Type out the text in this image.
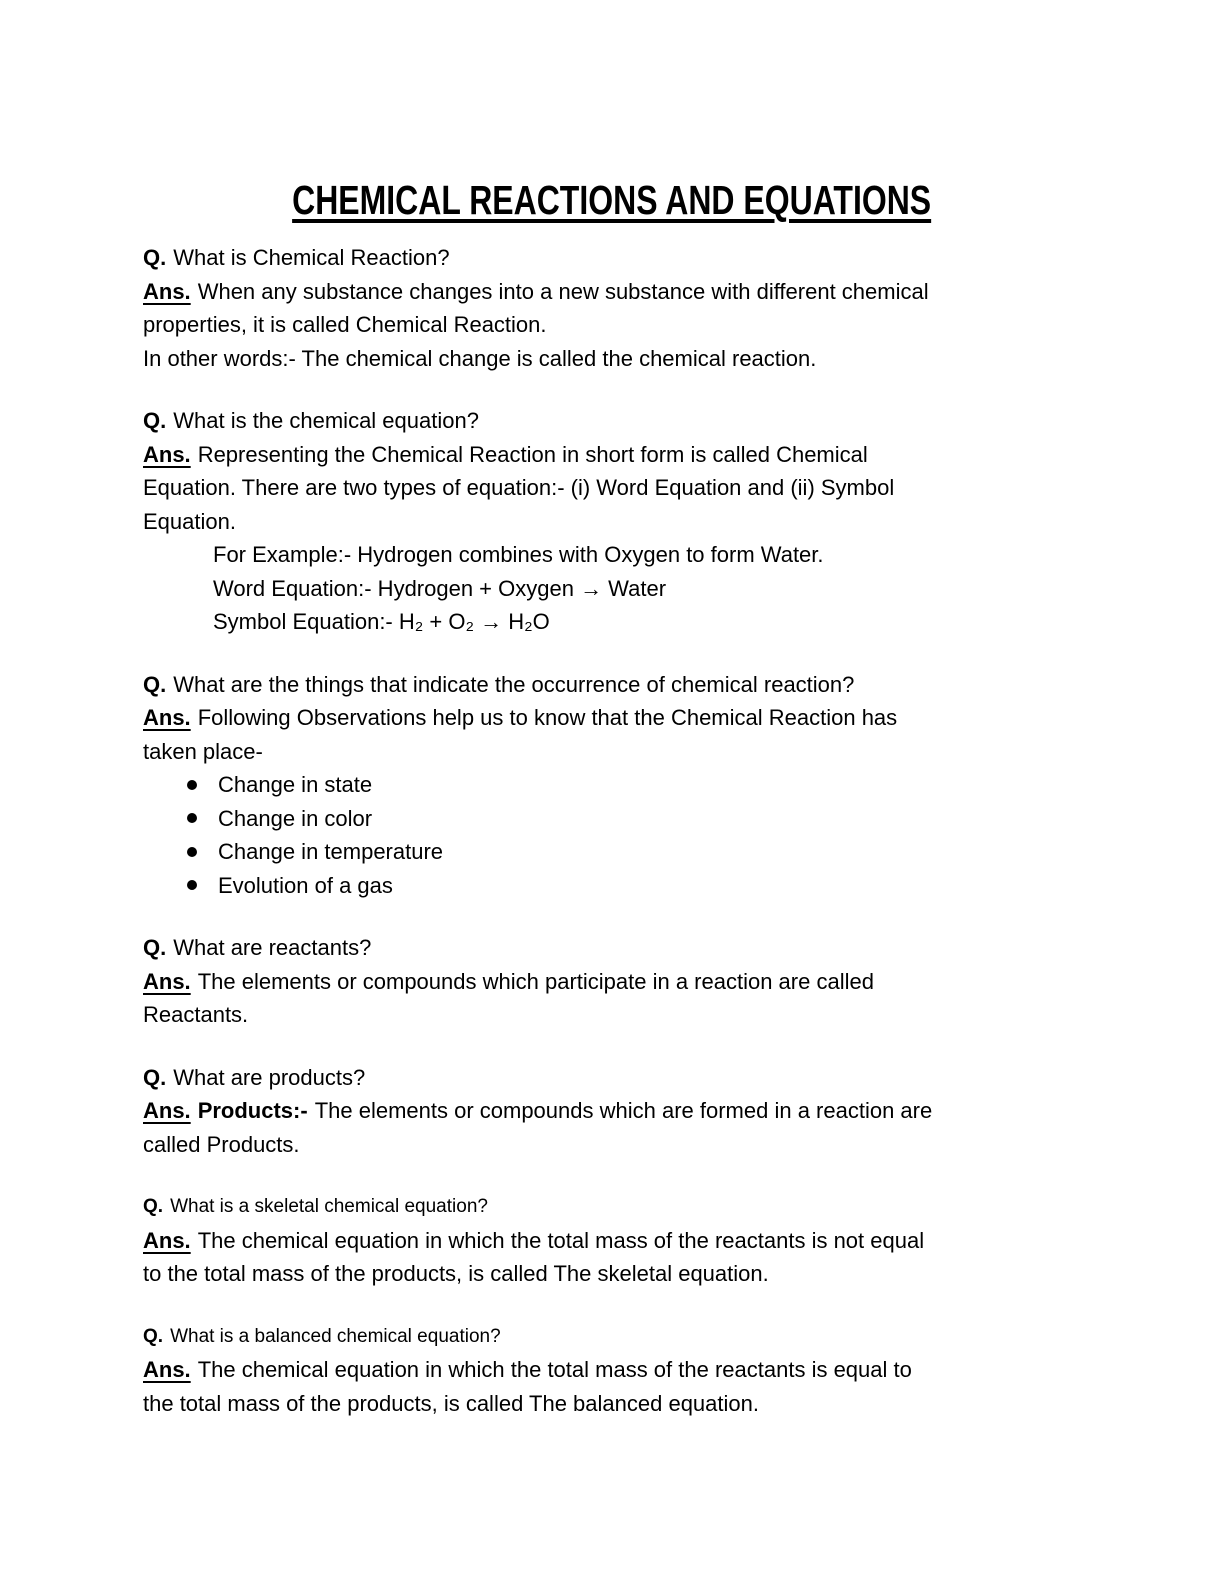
CHEMICAL REACTIONS AND EQUATIONS
Q. What is Chemical Reaction?
Ans. When any substance changes into a new substance with different chemical
properties, it is called Chemical Reaction.
In other words:- The chemical change is called the chemical reaction.
Q. What is the chemical equation?
Ans. Representing the Chemical Reaction in short form is called Chemical
Equation. There are two types of equation:- (i) Word Equation and (ii) Symbol
Equation.
For Example:- Hydrogen combines with Oxygen to form Water.
Word Equation:- Hydrogen + Oxygen → Water
Symbol Equation:- H₂ + O₂ → H₂O
Q. What are the things that indicate the occurrence of chemical reaction?
Ans. Following Observations help us to know that the Chemical Reaction has
taken place-
Change in state
Change in color
Change in temperature
Evolution of a gas
Q. What are reactants?
Ans. The elements or compounds which participate in a reaction are called
Reactants.
Q. What are products?
Ans. Products:- The elements or compounds which are formed in a reaction are
called Products.
Q. What is a skeletal chemical equation?
Ans. The chemical equation in which the total mass of the reactants is not equal
to the total mass of the products, is called The skeletal equation.
Q. What is a balanced chemical equation?
Ans. The chemical equation in which the total mass of the reactants is equal to
the total mass of the products, is called The balanced equation.
